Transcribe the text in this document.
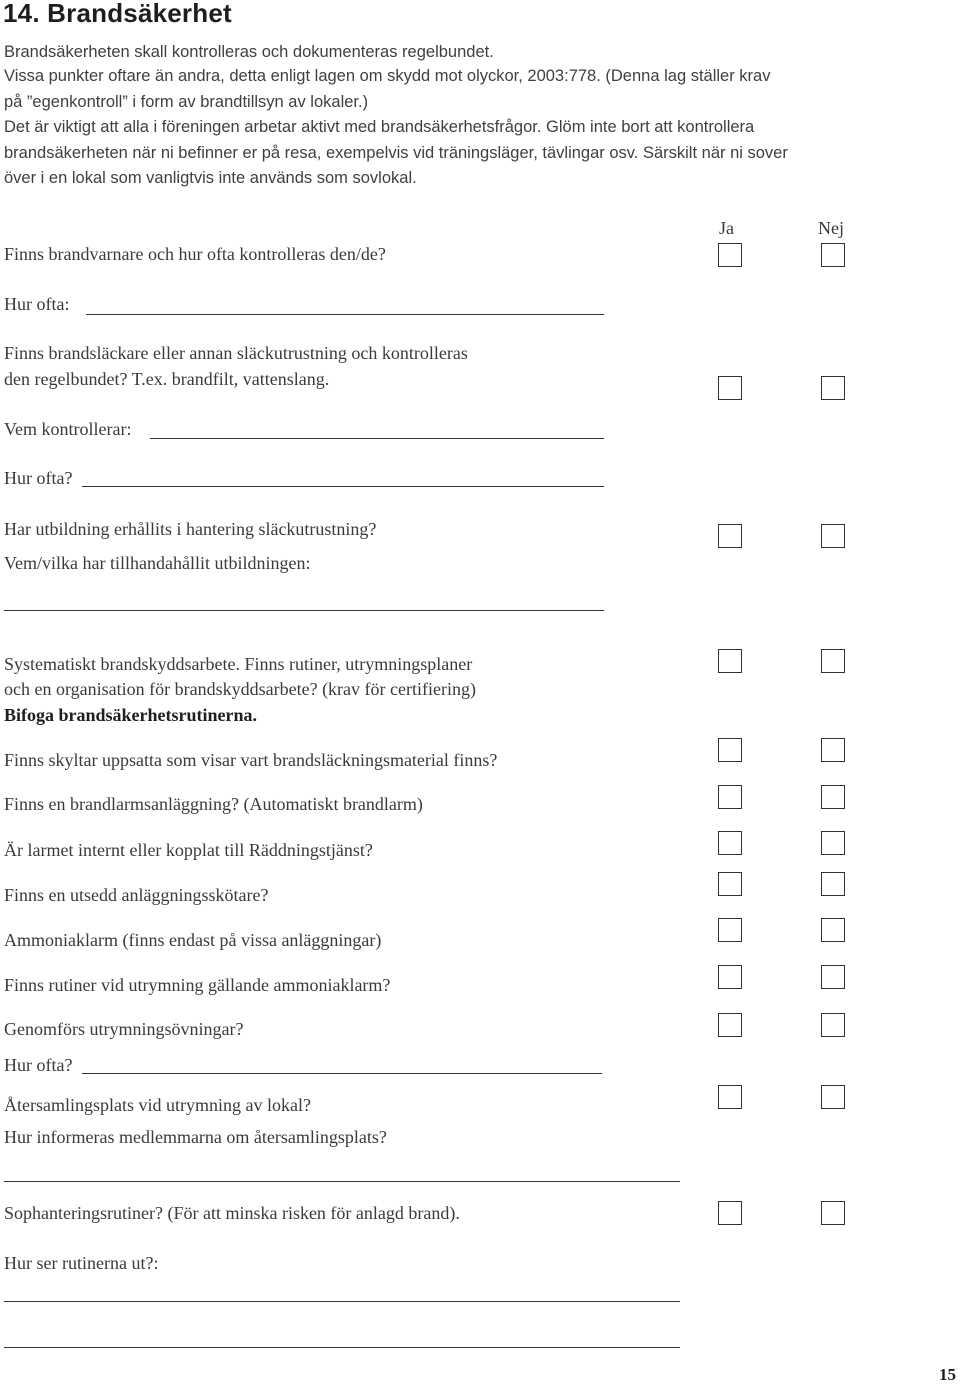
14. Brandsäkerhet
Brandsäkerheten skall kontrolleras och dokumenteras regelbundet.
Vissa punkter oftare än andra, detta enligt lagen om skydd mot olyckor, 2003:778. (Denna lag ställer krav
på ”egenkontroll” i form av brandtillsyn av lokaler.)
Det är viktigt att alla i föreningen arbetar aktivt med brandsäkerhetsfrågor. Glöm inte bort att kontrollera
brandsäkerheten när ni befinner er på resa, exempelvis vid träningsläger, tävlingar osv. Särskilt när ni sover
över i en lokal som vanligtvis inte används som sovlokal.
Ja	Nej
Finns brandvarnare och hur ofta kontrolleras den/de?
Hur ofta:
Finns brandsläckare eller annan släckutrustning och kontrolleras
den regelbundet? T.ex. brandfilt, vattenslang.
Vem kontrollerar:
Hur ofta?
Har utbildning erhållits i hantering släckutrustning?
Vem/vilka har tillhandahållit utbildningen:
Systematiskt brandskyddsarbete. Finns rutiner, utrymningsplaner
och en organisation för brandskyddsarbete? (krav för certifiering)
Bifoga brandsäkerhetsrutinerna.
Finns skyltar uppsatta som visar vart brandsläckningsmaterial finns?
Finns en brandlarmsanläggning? (Automatiskt brandlarm)
Är larmet internt eller kopplat till Räddningstjänst?
Finns en utsedd anläggningsskötare?
Ammoniaklarm (finns endast på vissa anläggningar)
Finns rutiner vid utrymning gällande ammoniaklarm?
Genomförs utrymningsövningar?
Hur ofta?
Återsamlingsplats vid utrymning av lokal?
Hur informeras medlemmarna om återsamlingsplats?
Sophanteringsrutiner? (För att minska risken för anlagd brand).
Hur ser rutinerna ut?:
15
